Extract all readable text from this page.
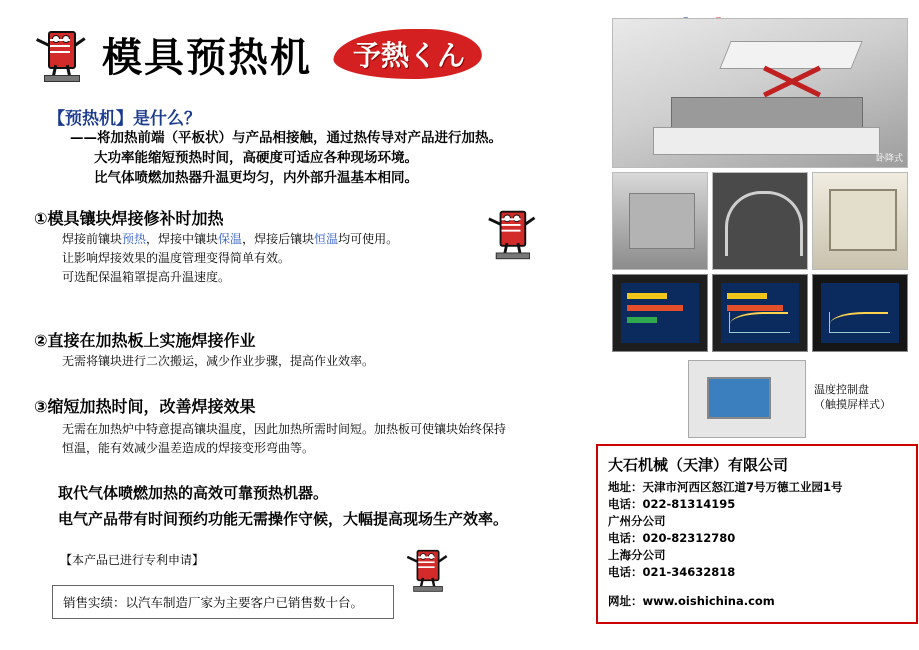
模具预热机	予熱くん
【预热机】是什么？
——将加热前端（平板状）与产品相接触，通过热传导对产品进行加热。
大功率能缩短预热时间，高硬度可适应各种现场环境。
比气体喷燃加热器升温更均匀，内外部升温基本相同。
①模具镶块焊接修补时加热
焊接前镶块预热，焊接中镶块保温，焊接后镶块恒温均可使用。
让影响焊接效果的温度管理变得简单有效。
可选配保温箱罩提高升温速度。
②直接在加热板上实施焊接作业
无需将镶块进行二次搬运，减少作业步骤，提高作业效率。
③缩短加热时间，改善焊接效果
无需在加热炉中特意提高镶块温度，因此加热所需时间短。加热板可使镶块始终保持
恒温，能有效减少温差造成的焊接变形弯曲等。
取代气体喷燃加热的高效可靠预热机器。
电气产品带有时间预约功能无需操作守候，大幅提高现场生产效率。
【本产品已进行专利申请】
销售实绩：以汽车制造厂家为主要客户已销售数十台。
卧降式
温度控制盘
（触摸屏样式）
大石机械（天津）有限公司
地址：天津市河西区怒江道7号万德工业园1号
电话：022-81314195
广州分公司
电话：020-82312780
上海分公司
电话：021-34632818
网址：www.oishichina.com
